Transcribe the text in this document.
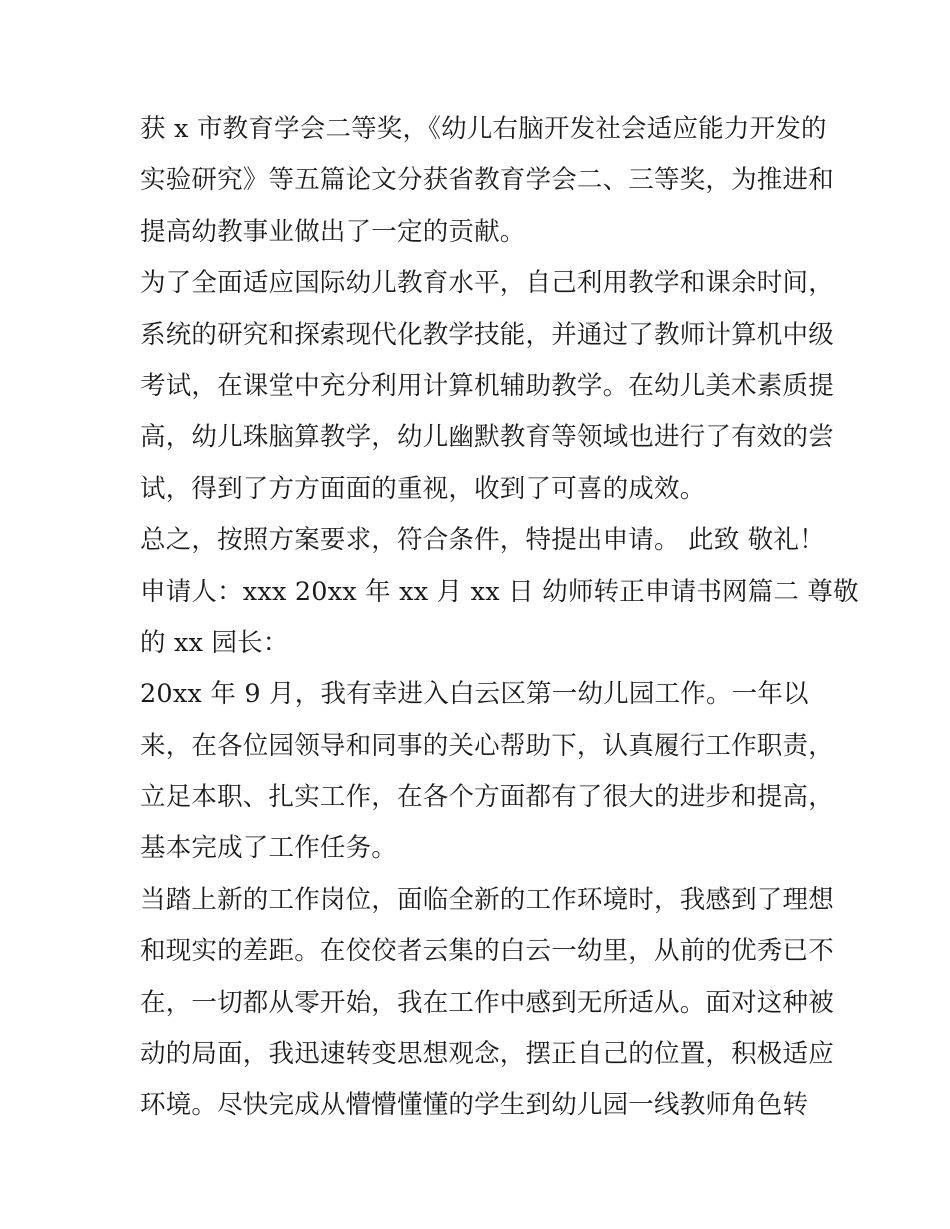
获 x 市教育学会二等奖，《幼儿右脑开发社会适应能力开发的
实验研究》等五篇论文分获省教育学会二、三等奖，为推进和
提高幼教事业做出了一定的贡献。
为了全面适应国际幼儿教育水平，自己利用教学和课余时间，
系统的研究和探索现代化教学技能，并通过了教师计算机中级
考试，在课堂中充分利用计算机辅助教学。在幼儿美术素质提
高，幼儿珠脑算教学，幼儿幽默教育等领域也进行了有效的尝
试，得到了方方面面的重视，收到了可喜的成效。
总之，按照方案要求，符合条件，特提出申请。 此致 敬礼！
申请人：xxx 20xx 年 xx 月 xx 日 幼师转正申请书网篇二 尊敬
的 xx 园长：
20xx 年 9 月，我有幸进入白云区第一幼儿园工作。一年以
来，在各位园领导和同事的关心帮助下，认真履行工作职责，
立足本职、扎实工作，在各个方面都有了很大的进步和提高，
基本完成了工作任务。
当踏上新的工作岗位，面临全新的工作环境时，我感到了理想
和现实的差距。在佼佼者云集的白云一幼里，从前的优秀已不
在，一切都从零开始，我在工作中感到无所适从。面对这种被
动的局面，我迅速转变思想观念，摆正自己的位置，积极适应
环境。尽快完成从懵懵懂懂的学生到幼儿园一线教师角色转
